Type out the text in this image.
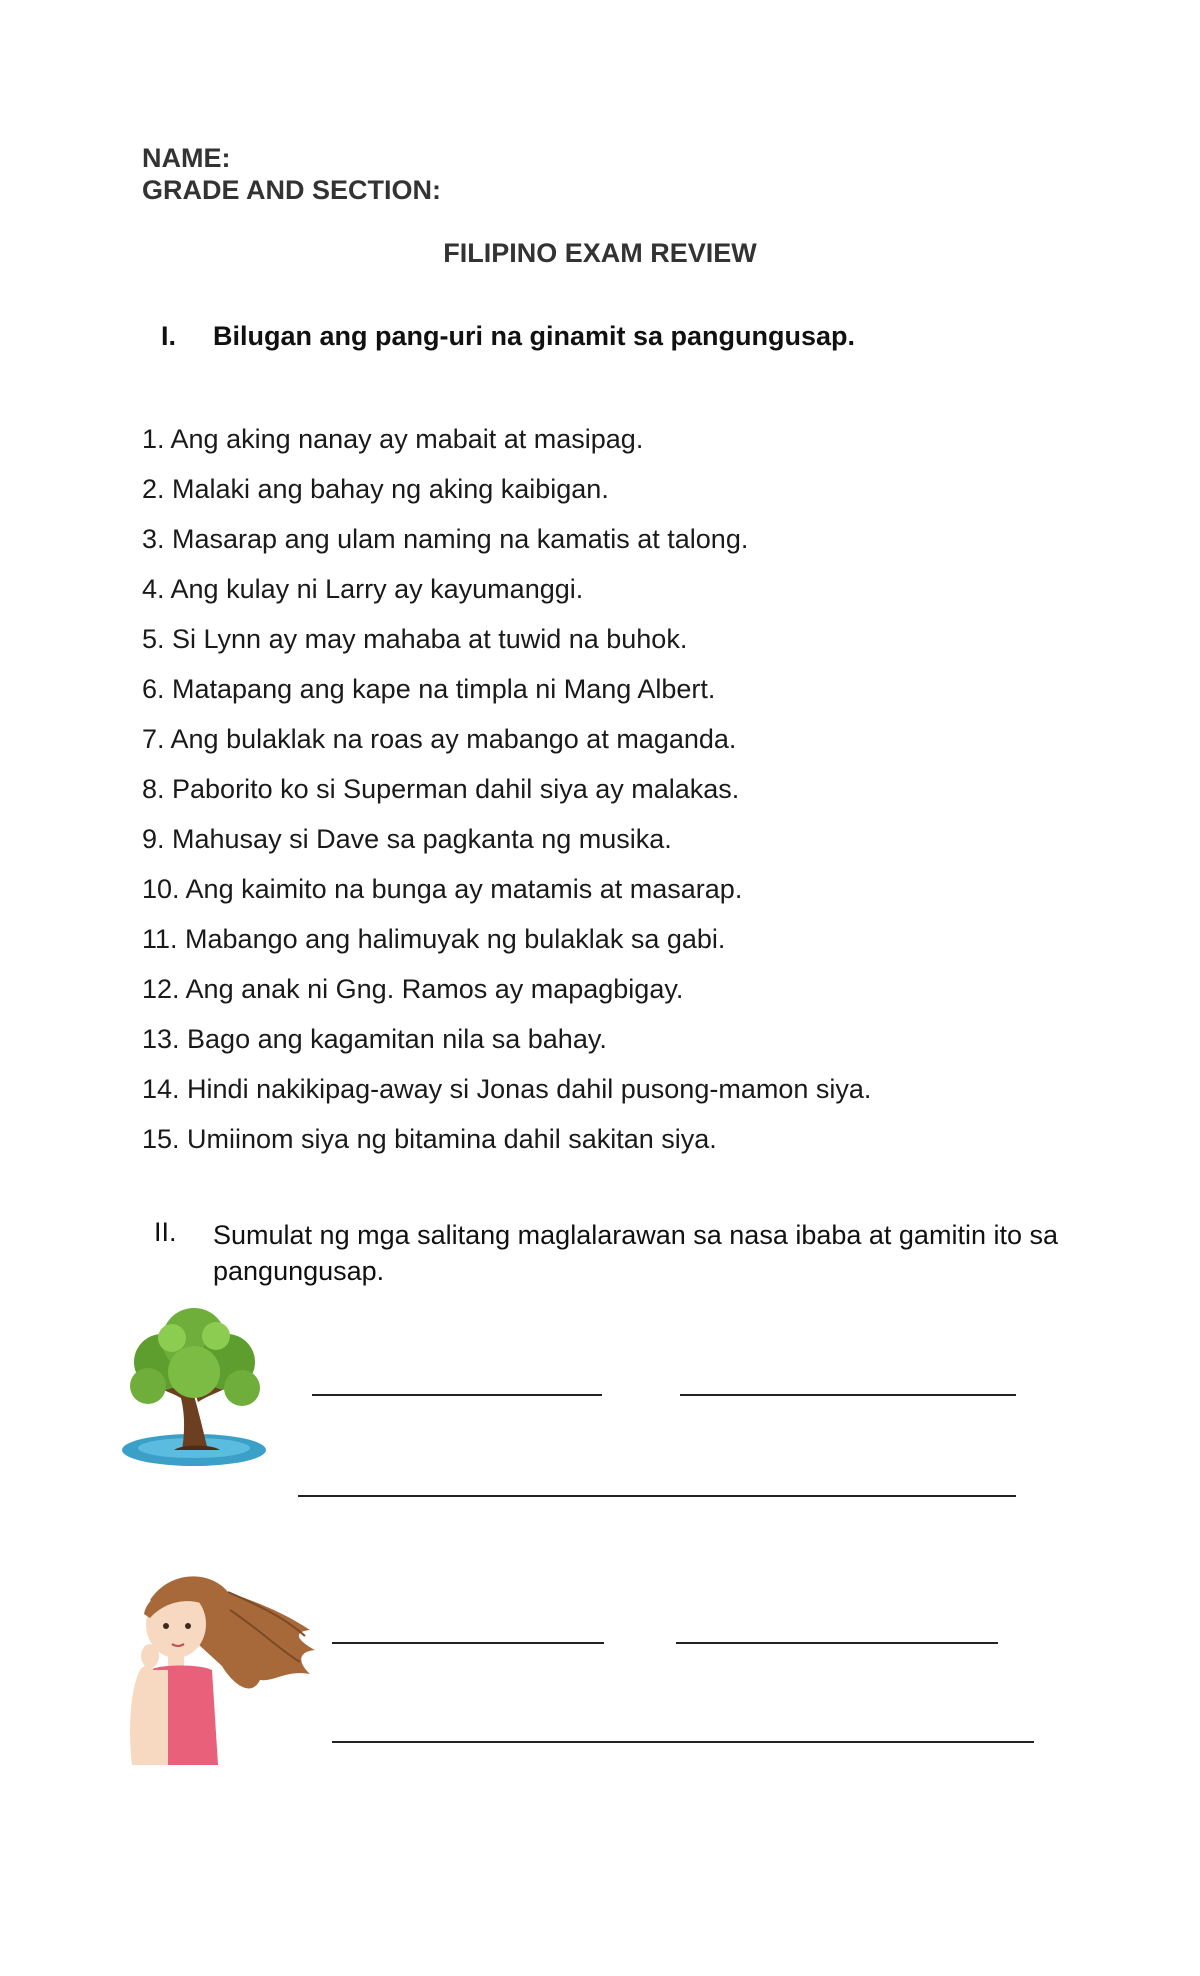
NAME:
GRADE AND SECTION:
FILIPINO EXAM REVIEW
I. Bilugan ang pang-uri na ginamit sa pangungusap.
1. Ang aking nanay ay mabait at masipag.
2. Malaki ang bahay ng aking kaibigan.
3. Masarap ang ulam naming na kamatis at talong.
4. Ang kulay ni Larry ay kayumanggi.
5. Si Lynn ay may mahaba at tuwid na buhok.
6. Matapang ang kape na timpla ni Mang Albert.
7. Ang bulaklak na roas ay mabango at maganda.
8. Paborito ko si Superman dahil siya ay malakas.
9. Mahusay si Dave sa pagkanta ng musika.
10. Ang kaimito na bunga ay matamis at masarap.
11. Mabango ang halimuyak ng bulaklak sa gabi.
12. Ang anak ni Gng. Ramos ay mapagbigay.
13. Bago ang kagamitan nila sa bahay.
14. Hindi nakikipag-away si Jonas dahil pusong-mamon siya.
15. Umiinom siya ng bitamina dahil sakitan siya.
II. Sumulat ng mga salitang maglalarawan sa nasa ibaba at gamitin ito sa pangungusap.
